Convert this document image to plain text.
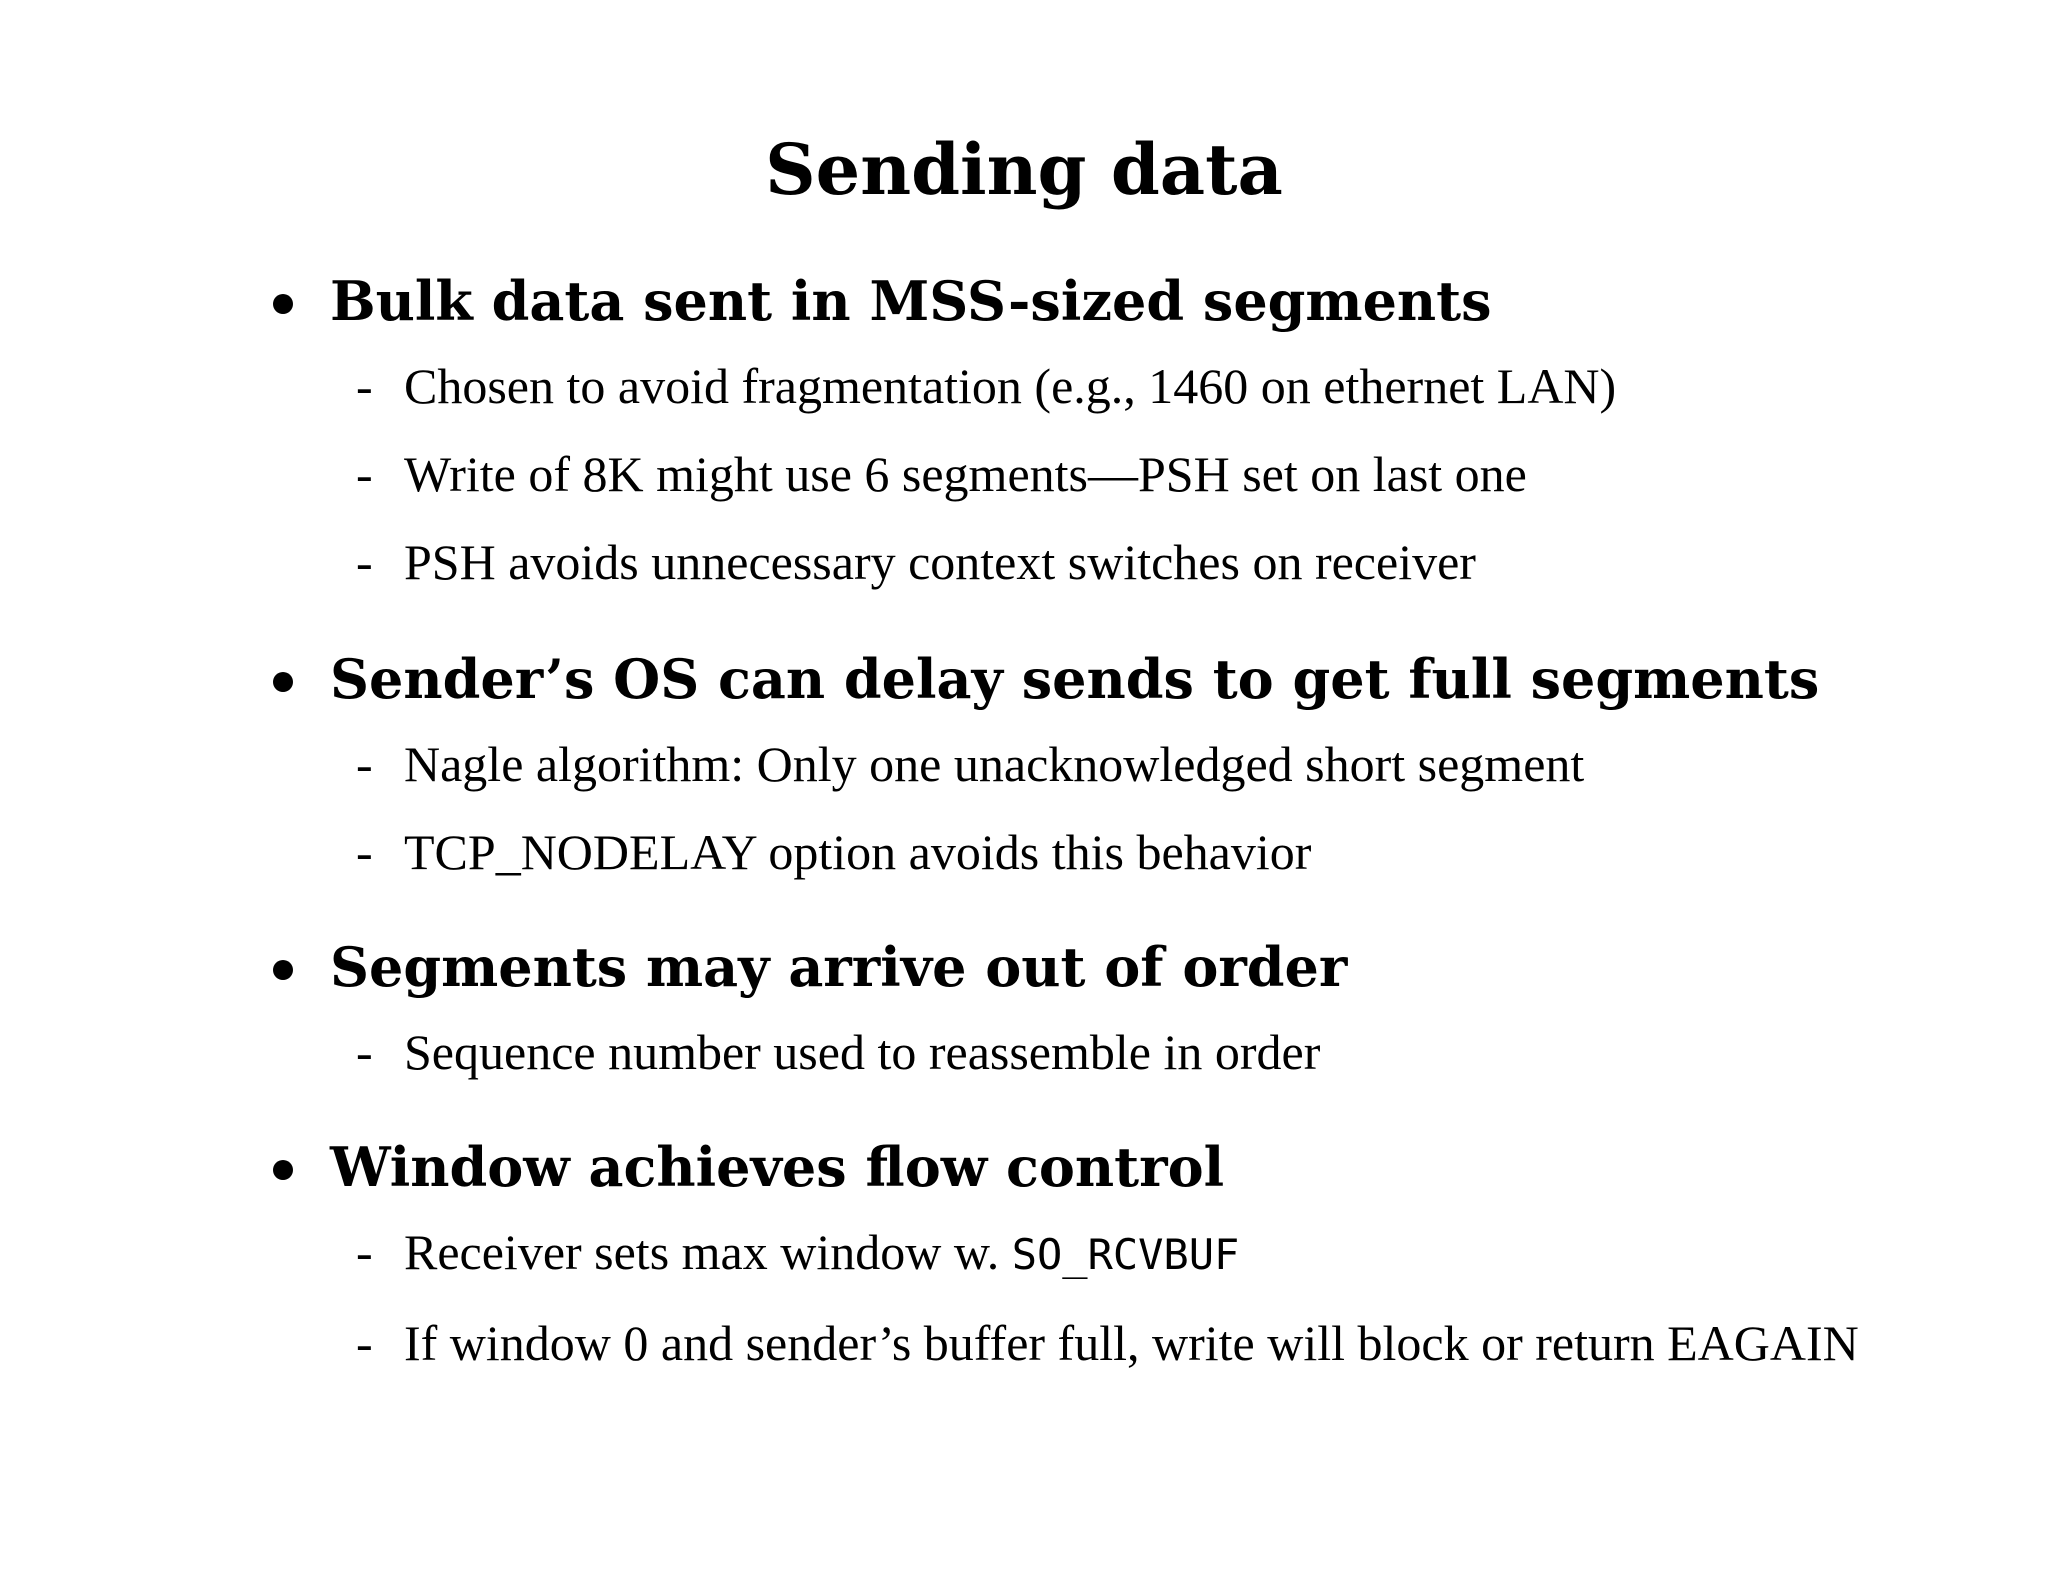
Sending data
Bulk data sent in MSS-sized segments
- Chosen to avoid fragmentation (e.g., 1460 on ethernet LAN)
- Write of 8K might use 6 segments—PSH set on last one
- PSH avoids unnecessary context switches on receiver
Sender’s OS can delay sends to get full segments
- Nagle algorithm: Only one unacknowledged short segment
- TCP_NODELAY option avoids this behavior
Segments may arrive out of order
- Sequence number used to reassemble in order
Window achieves flow control
- Receiver sets max window w. SO_RCVBUF
- If window 0 and sender’s buffer full, write will block or return EAGAIN
